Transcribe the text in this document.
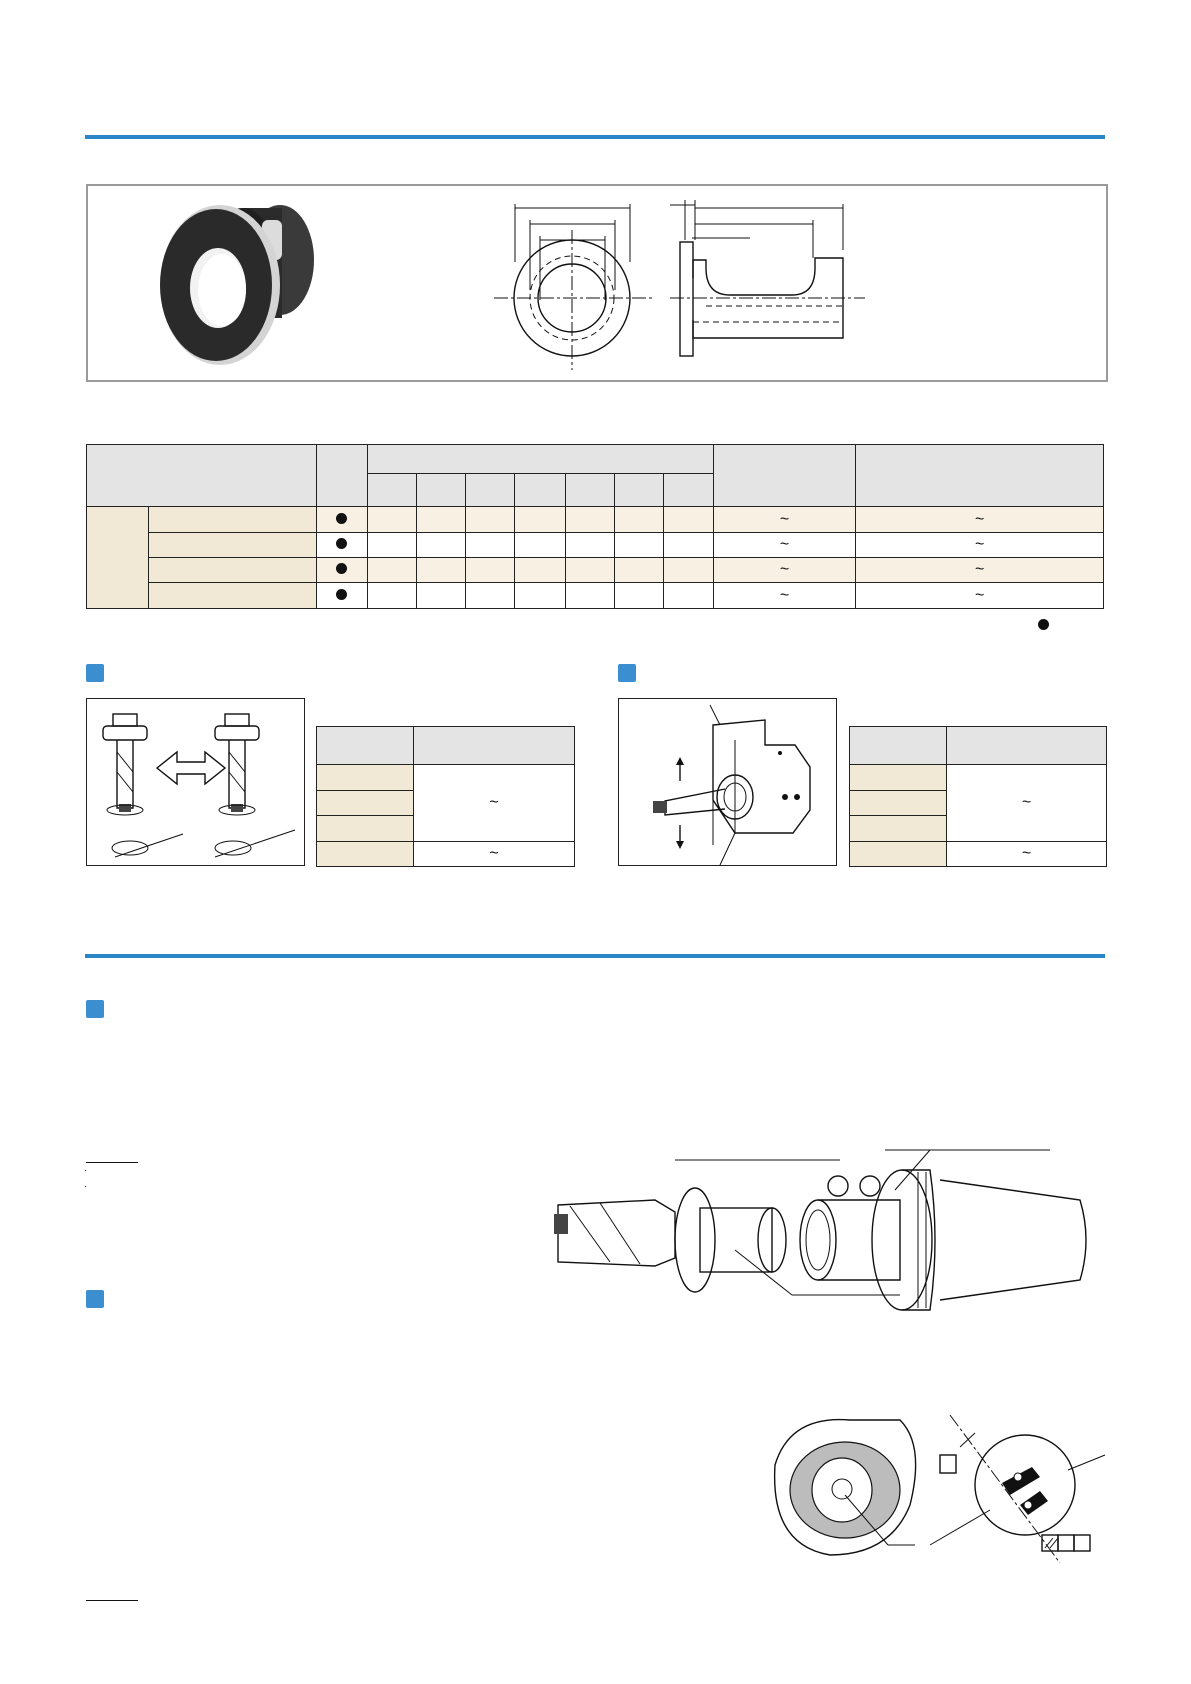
										~	~
										~	~
										~	~
										~	~

	~

	~

	~

	~
·
·
